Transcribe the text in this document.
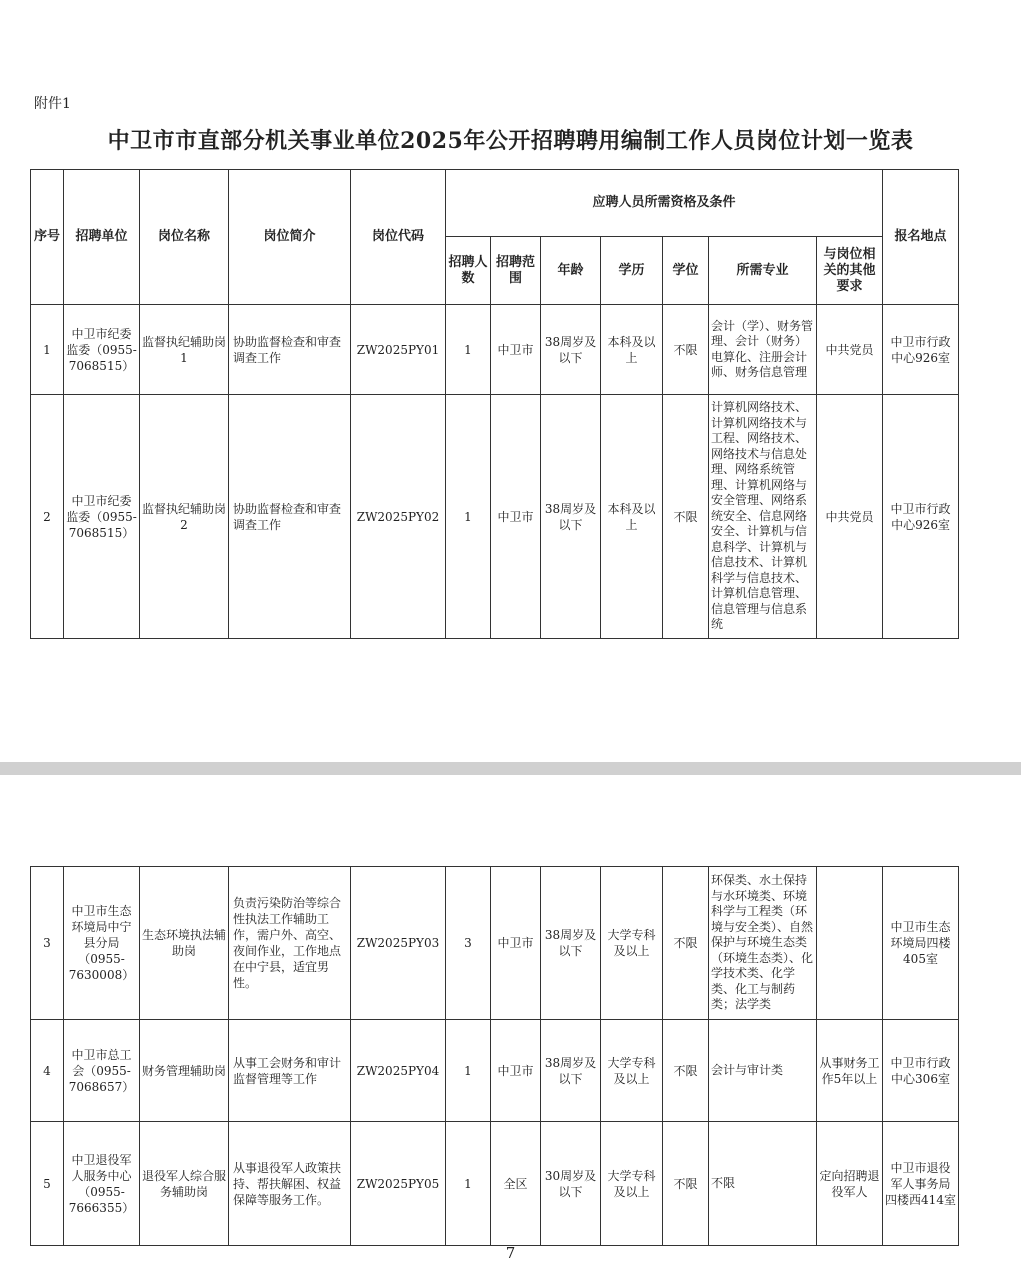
附件1
中卫市市直部分机关事业单位2025年公开招聘聘用编制工作人员岗位计划一览表
序号	招聘单位	岗位名称	岗位简介	岗位代码	应聘人员所需资格及条件							报名地点
					招聘人数	招聘范围	年龄	学历	学位	所需专业	与岗位相关的其他要求	
1	中卫市纪委监委（0955-7068515）	监督执纪辅助岗1	协助监督检查和审查调查工作	ZW2025PY01	1	中卫市	38周岁及以下	本科及以上	不限	会计（学）、财务管理、会计（财务）电算化、注册会计师、财务信息管理	中共党员	中卫市行政中心926室
2	中卫市纪委监委（0955-7068515）	监督执纪辅助岗2	协助监督检查和审查调查工作	ZW2025PY02	1	中卫市	38周岁及以下	本科及以上	不限	计算机网络技术、计算机网络技术与工程、网络技术、网络技术与信息处理、网络系统管理、计算机网络与安全管理、网络系统安全、信息网络安全、计算机与信息科学、计算机与信息技术、计算机科学与信息技术、计算机信息管理、信息管理与信息系统	中共党员	中卫市行政中心926室
3	中卫市生态环境局中宁县分局（0955-7630008）	生态环境执法辅助岗	负责污染防治等综合性执法工作辅助工作，需户外、高空、夜间作业，工作地点在中宁县，适宜男性。	ZW2025PY03	3	中卫市	38周岁及以下	大学专科及以上	不限	环保类、水土保持与水环境类、环境科学与工程类（环境与安全类）、自然保护与环境生态类（环境生态类）、化学技术类、化学类、化工与制药类；法学类		中卫市生态环境局四楼405室
4	中卫市总工会（0955-7068657）	财务管理辅助岗	从事工会财务和审计监督管理等工作	ZW2025PY04	1	中卫市	38周岁及以下	大学专科及以上	不限	会计与审计类	从事财务工作5年以上	中卫市行政中心306室
5	中卫退役军人服务中心（0955-7666355）	退役军人综合服务辅助岗	从事退役军人政策扶持、帮扶解困、权益保障等服务工作。	ZW2025PY05	1	全区	30周岁及以下	大学专科及以上	不限	不限	定向招聘退役军人	中卫市退役军人事务局四楼西414室
7
